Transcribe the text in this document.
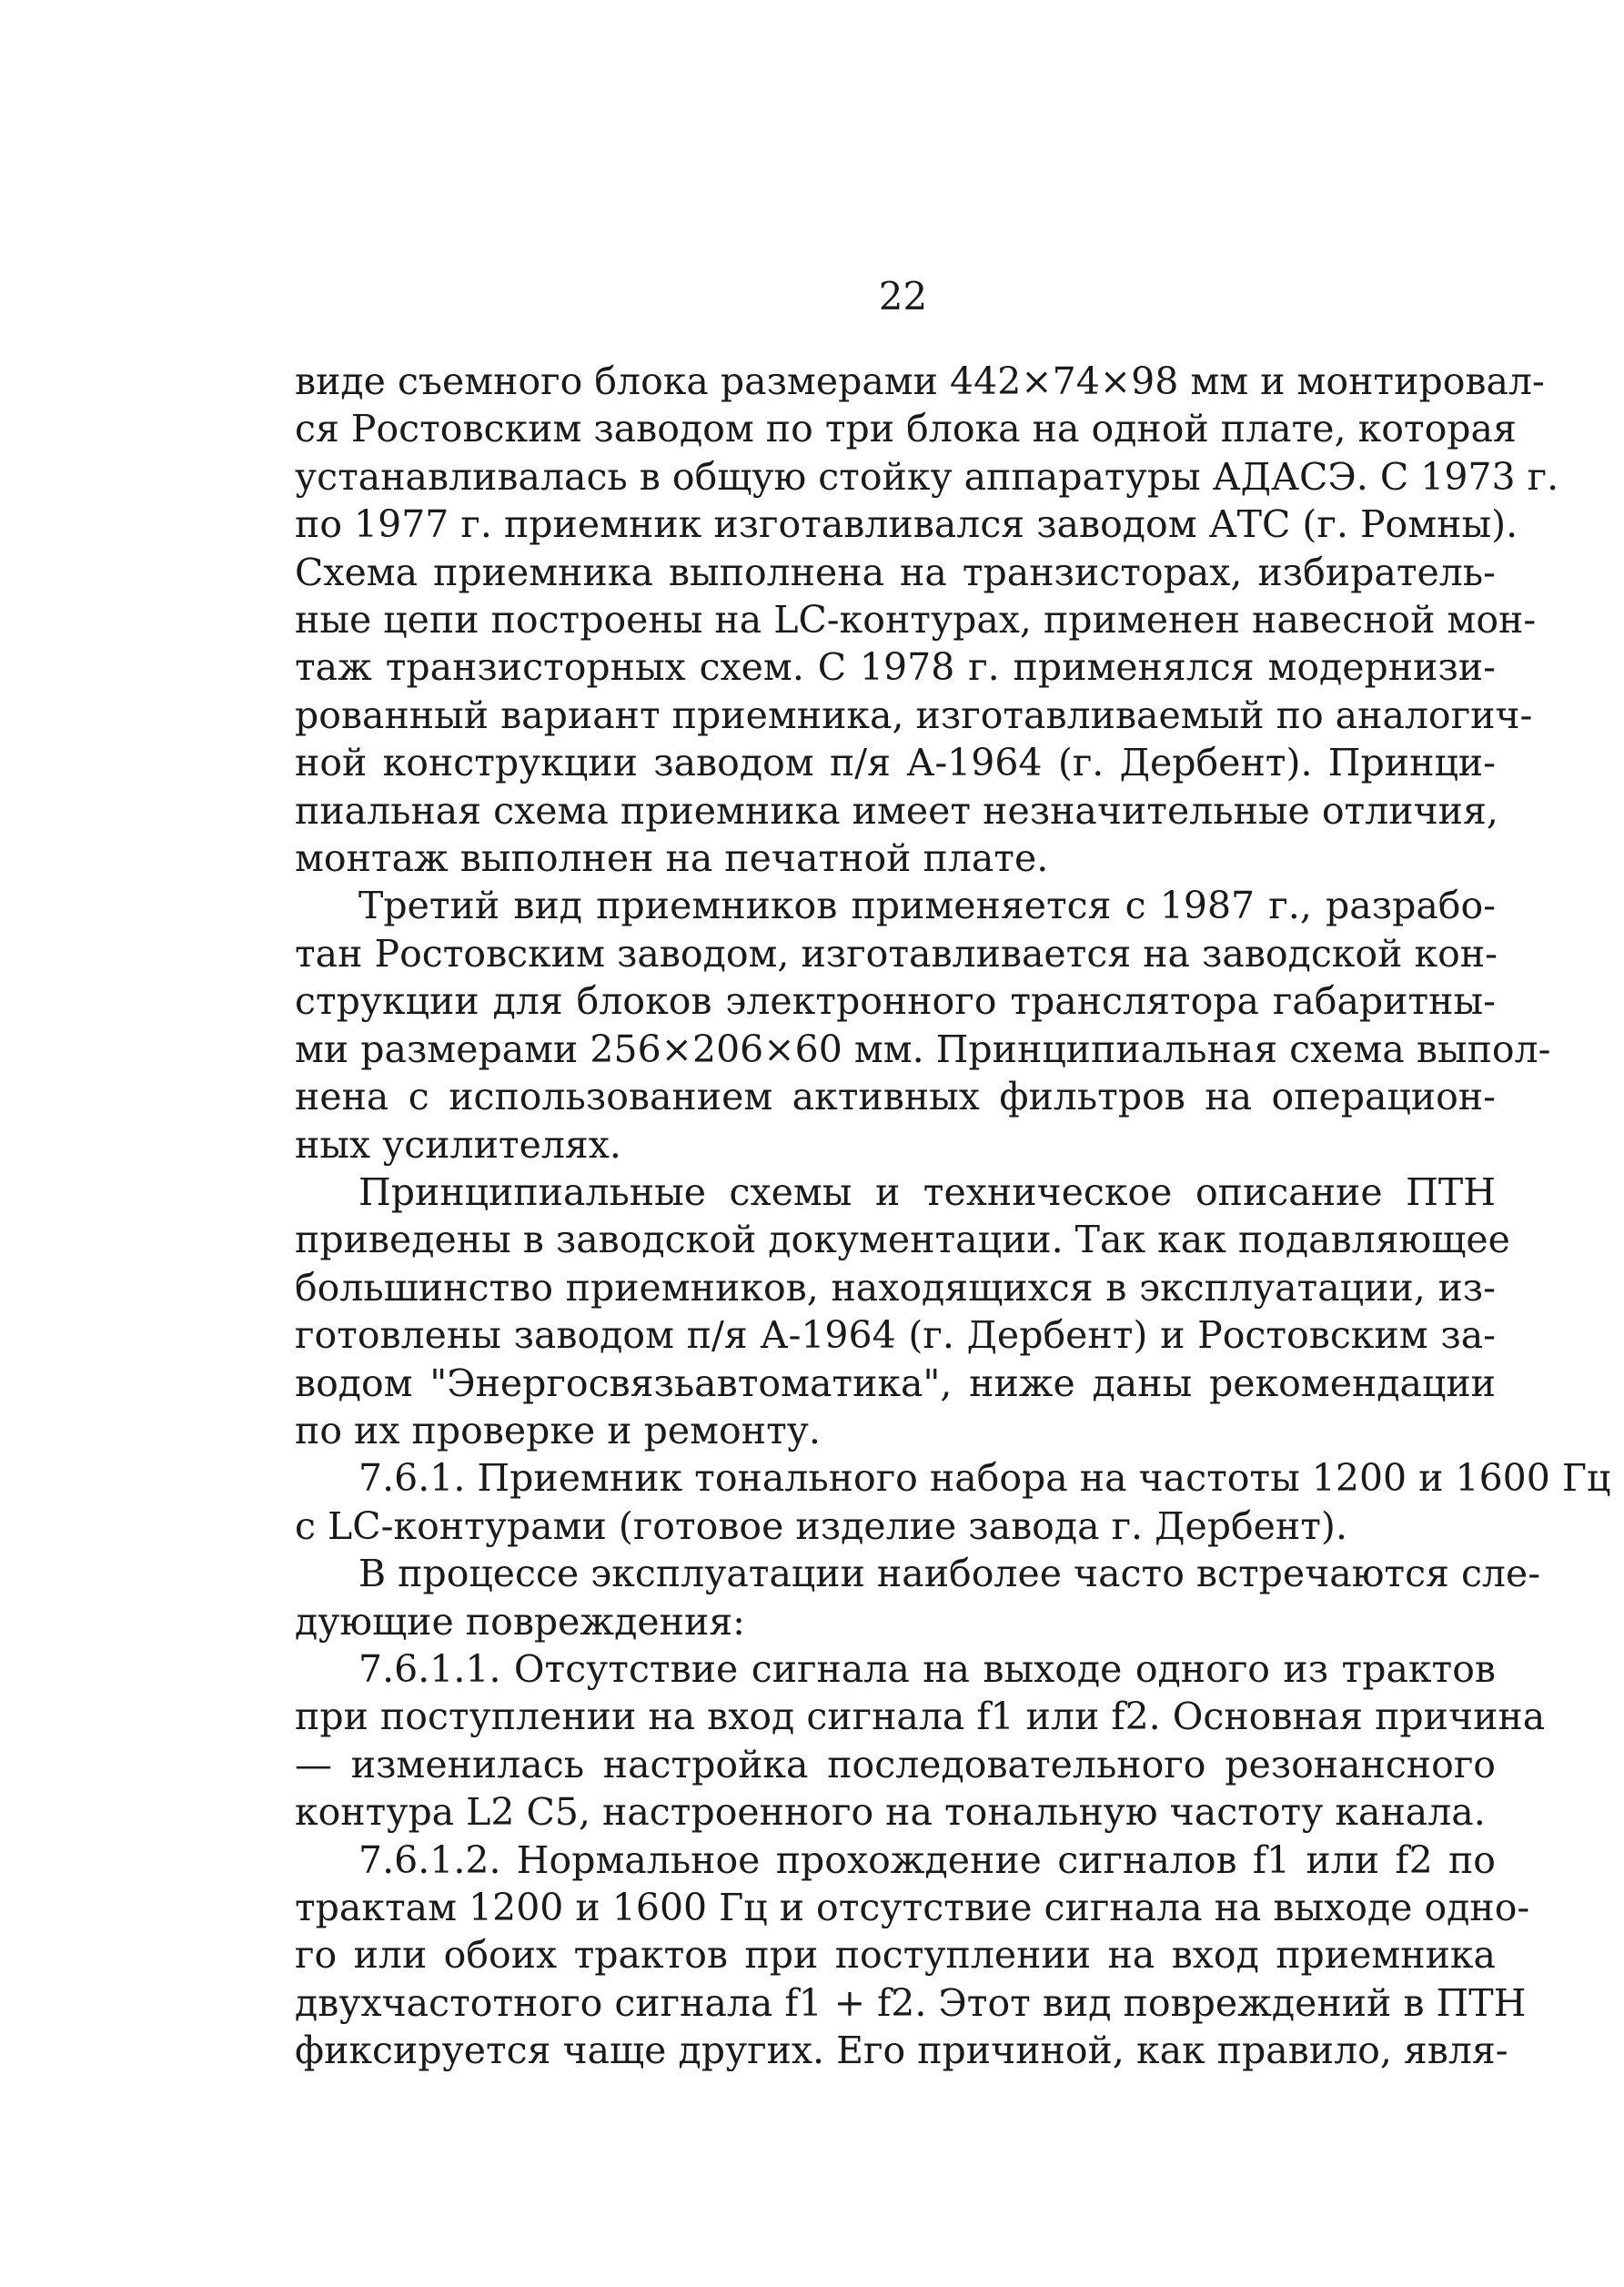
22
виде съемного блока размерами 442×74×98 мм и монтировал-
ся Ростовским заводом по три блока на одной плате, которая
устанавливалась в общую стойку аппаратуры АДАСЭ. С 1973 г.
по 1977 г. приемник изготавливался заводом АТС (г. Ромны).
Схема приемника выполнена на транзисторах, избиратель-
ные цепи построены на LC-контурах, применен навесной мон-
таж транзисторных схем. С 1978 г. применялся модернизи-
рованный вариант приемника, изготавливаемый по аналогич-
ной конструкции заводом п/я А-1964 (г. Дербент). Принци-
пиальная схема приемника имеет незначительные отличия,
монтаж выполнен на печатной плате.
Третий вид приемников применяется с 1987 г., разрабо-
тан Ростовским заводом, изготавливается на заводской кон-
струкции для блоков электронного транслятора габаритны-
ми размерами 256×206×60 мм. Принципиальная схема выпол-
нена с использованием активных фильтров на операцион-
ных усилителях.
Принципиальные схемы и техническое описание ПТН
приведены в заводской документации. Так как подавляющее
большинство приемников, находящихся в эксплуатации, из-
готовлены заводом п/я А-1964 (г. Дербент) и Ростовским за-
водом "Энергосвязьавтоматика", ниже даны рекомендации
по их проверке и ремонту.
7.6.1. Приемник тонального набора на частоты 1200 и 1600 Гц
с LC-контурами (готовое изделие завода г. Дербент).
В процессе эксплуатации наиболее часто встречаются сле-
дующие повреждения:
7.6.1.1. Отсутствие сигнала на выходе одного из трактов
при поступлении на вход сигнала f1 или f2. Основная причина
— изменилась настройка последовательного резонансного
контура L2 С5, настроенного на тональную частоту канала.
7.6.1.2. Нормальное прохождение сигналов f1 или f2 по
трактам 1200 и 1600 Гц и отсутствие сигнала на выходе одно-
го или обоих трактов при поступлении на вход приемника
двухчастотного сигнала f1 + f2. Этот вид повреждений в ПТН
фиксируется чаще других. Его причиной, как правило, явля-
